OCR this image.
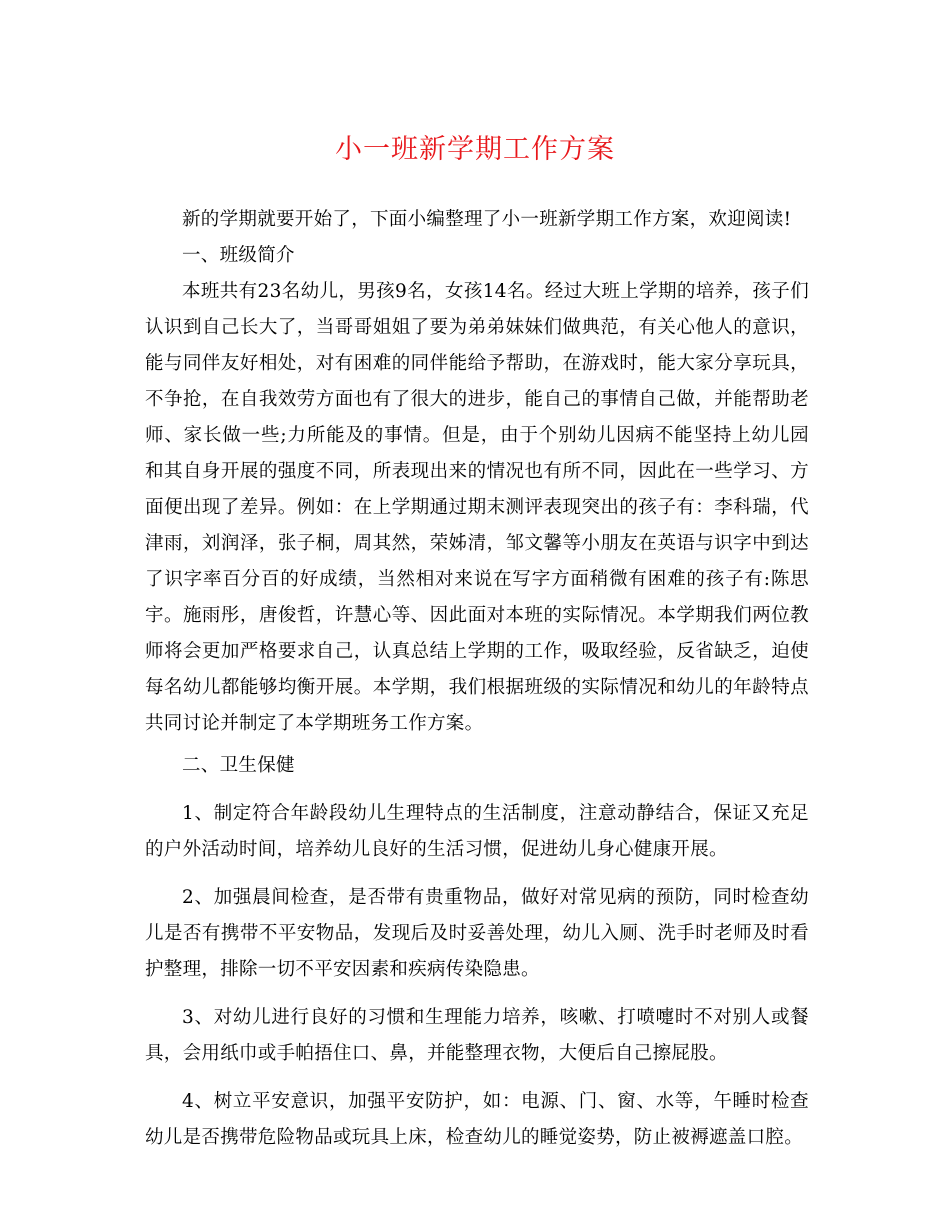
小一班新学期工作方案

新的学期就要开始了，下面小编整理了小一班新学期工作方案，欢迎阅读!

一、班级简介

本班共有23名幼儿，男孩9名，女孩14名。经过大班上学期的培养，孩子们认识到自己长大了，当哥哥姐姐了要为弟弟妹妹们做典范，有关心他人的意识，能与同伴友好相处，对有困难的同伴能给予帮助，在游戏时，能大家分享玩具，不争抢，在自我效劳方面也有了很大的进步，能自己的事情自己做，并能帮助老师、家长做一些;力所能及的事情。但是，由于个别幼儿因病不能坚持上幼儿园和其自身开展的强度不同，所表现出来的情况也有所不同，因此在一些学习、方面便出现了差异。例如：在上学期通过期末测评表现突出的孩子有：李科瑞，代津雨，刘润泽，张子桐，周其然，荣姊清，邹文馨等小朋友在英语与识字中到达了识字率百分百的好成绩，当然相对来说在写字方面稍微有困难的孩子有:陈思宇。施雨彤，唐俊哲，许慧心等、因此面对本班的实际情况。本学期我们两位教师将会更加严格要求自己，认真总结上学期的工作，吸取经验，反省缺乏，迫使每名幼儿都能够均衡开展。本学期，我们根据班级的实际情况和幼儿的年龄特点共同讨论并制定了本学期班务工作方案。

二、卫生保健

1、制定符合年龄段幼儿生理特点的生活制度，注意动静结合，保证又充足的户外活动时间，培养幼儿良好的生活习惯，促进幼儿身心健康开展。

2、加强晨间检查，是否带有贵重物品，做好对常见病的预防，同时检查幼儿是否有携带不平安物品，发现后及时妥善处理，幼儿入厕、洗手时老师及时看护整理，排除一切不平安因素和疾病传染隐患。

3、对幼儿进行良好的习惯和生理能力培养，咳嗽、打喷嚏时不对别人或餐具，会用纸巾或手帕捂住口、鼻，并能整理衣物，大便后自己擦屁股。

4、树立平安意识，加强平安防护，如：电源、门、窗、水等，午睡时检查幼儿是否携带危险物品或玩具上床，检查幼儿的睡觉姿势，防止被褥遮盖口腔。
